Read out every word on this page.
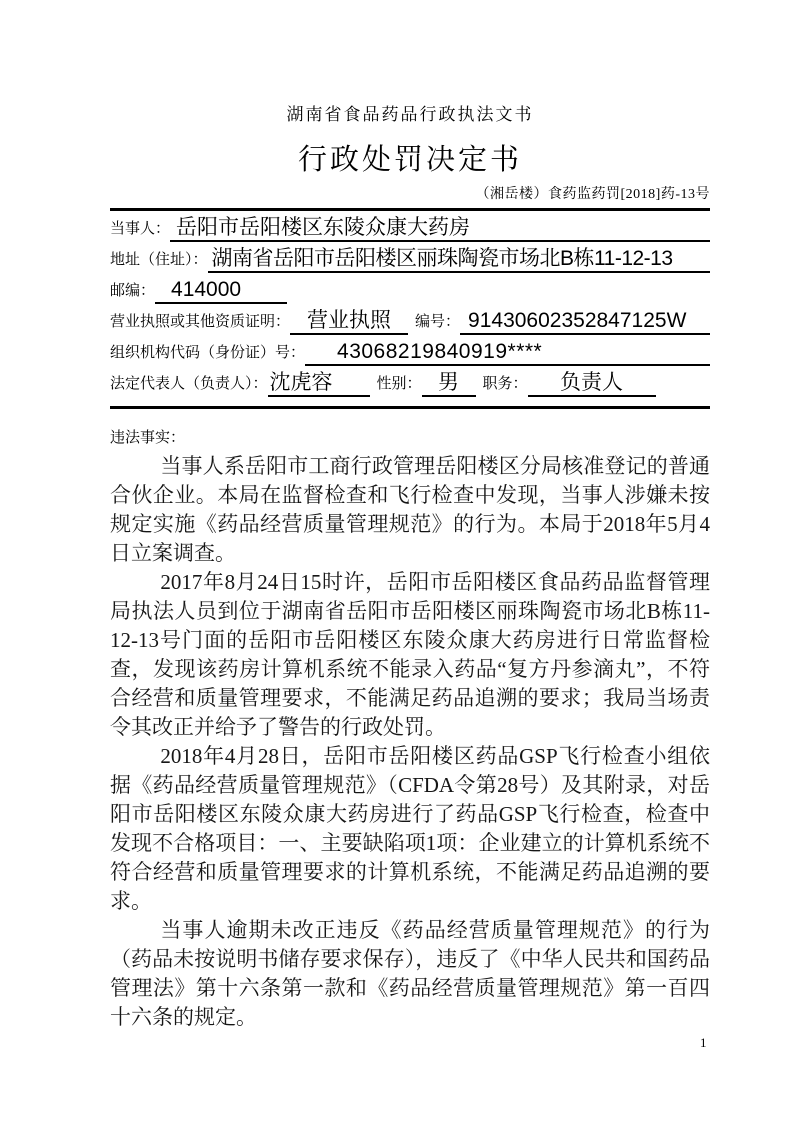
湖南省食品药品行政执法文书
行政处罚决定书
（湘岳楼）食药监药罚[2018]药-13号
当事人： 岳阳市岳阳楼区东陵众康大药房
地址（住址）： 湖南省岳阳市岳阳楼区丽珠陶瓷市场北B栋11-12-13
邮编： 414000
营业执照或其他资质证明： 营业执照	编号： 91430602352847125W
组织机构代码（身份证）号：	43068219840919****
法定代表人（负责人）： 沈虎容	性别： 男	职务：	负责人
违法事实：

当事人系岳阳市工商行政管理岳阳楼区分局核准登记的普通合伙企业。本局在监督检查和飞行检查中发现，当事人涉嫌未按规定实施《药品经营质量管理规范》的行为。本局于2018年5月4日立案调查。

2017年8月24日15时许，岳阳市岳阳楼区食品药品监督管理局执法人员到位于湖南省岳阳市岳阳楼区丽珠陶瓷市场北B栋11-12-13号门面的岳阳市岳阳楼区东陵众康大药房进行日常监督检查，发现该药房计算机系统不能录入药品“复方丹参滴丸”，不符合经营和质量管理要求，不能满足药品追溯的要求；我局当场责令其改正并给予了警告的行政处罚。

2018年4月28日，岳阳市岳阳楼区药品GSP飞行检查小组依据《药品经营质量管理规范》（CFDA令第28号）及其附录，对岳阳市岳阳楼区东陵众康大药房进行了药品GSP飞行检查，检查中发现不合格项目：一、主要缺陷项1项：企业建立的计算机系统不符合经营和质量管理要求的计算机系统，不能满足药品追溯的要求。

当事人逾期未改正违反《药品经营质量管理规范》的行为（药品未按说明书储存要求保存），违反了《中华人民共和国药品管理法》第十六条第一款和《药品经营质量管理规范》第一百四十六条的规定。

1
